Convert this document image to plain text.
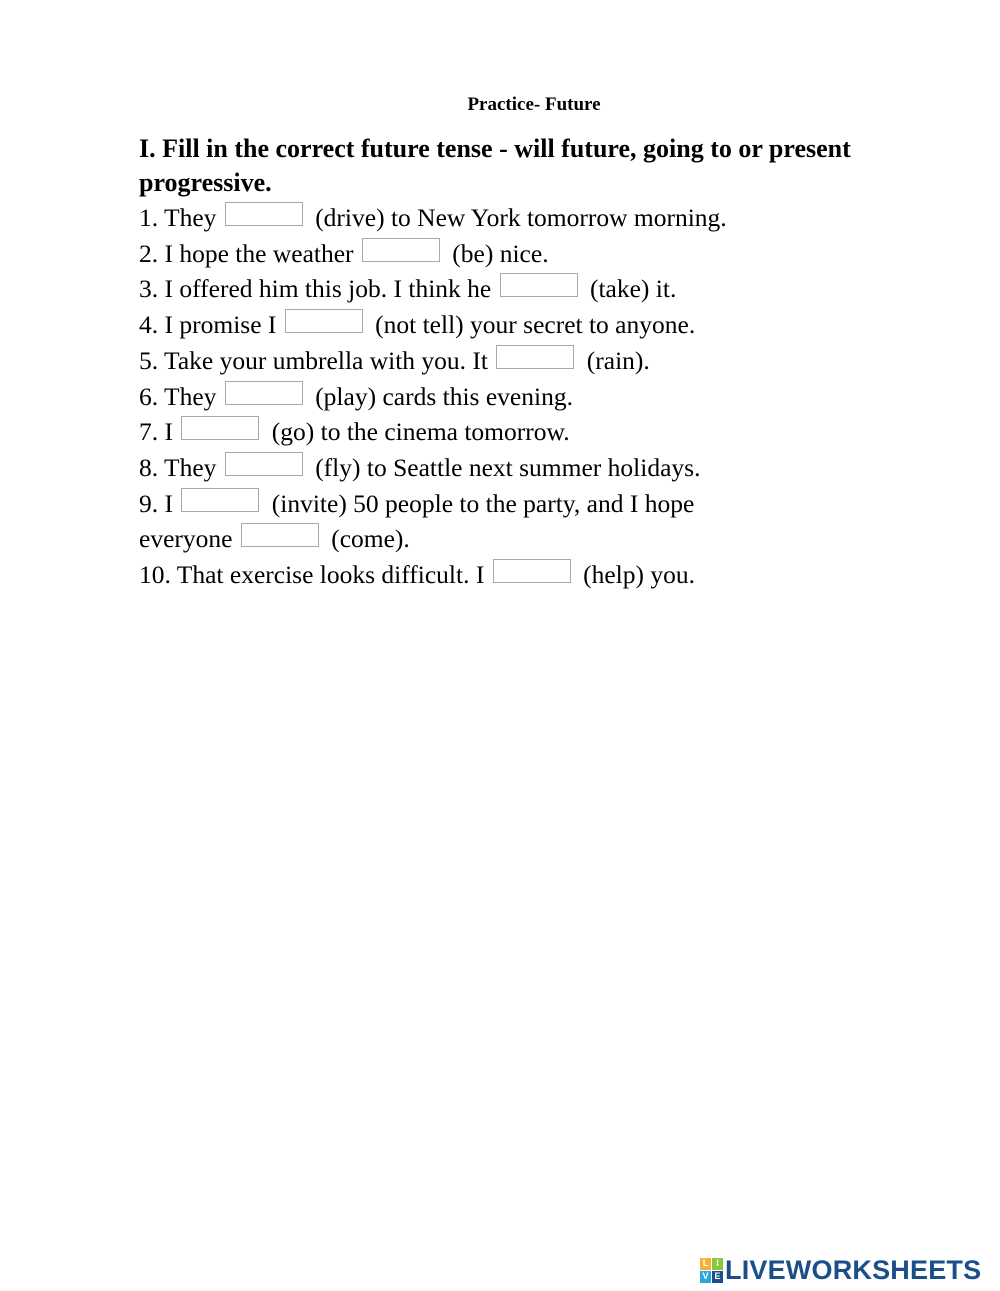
Practice- Future

I. Fill in the correct future tense - will future, going to or present progressive.

1. They	(drive) to New York tomorrow morning.
2. I hope the weather	(be) nice.
3. I offered him this job. I think he	(take) it.
4. I promise I	(not tell) your secret to anyone.
5. Take your umbrella with you. It	(rain).
6. They	(play) cards this evening.
7. I	(go) to the cinema tomorrow.
8. They	(fly) to Seattle next summer holidays.
9. I	(invite) 50 people to the party, and I hope
everyone	(come).
10. That exercise looks difficult. I	(help) you.
L I
V E LIVEWORKSHEETS
